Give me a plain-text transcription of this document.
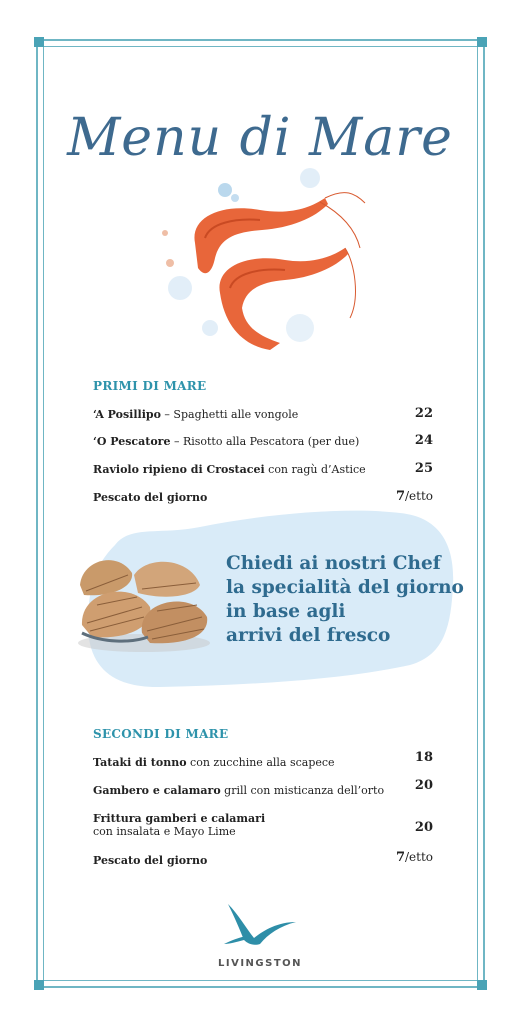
Menu di Mare
PRIMI DI MARE
‘A Posillipo – Spaghetti alle vongole	22
‘O Pescatore – Risotto alla Pescatora (per due)	24
Raviolo ripieno di Crostacei con ragù d’Astice	25
Pescato del giorno	7/etto
Chiedi ai nostri Chef
la specialità del giorno
in base agli
arrivi del fresco
SECONDI DI MARE
Tataki di tonno con zucchine alla scapece	18
Gambero e calamaro grill con misticanza dell’orto 20
Frittura gamberi e calamari
con insalata e Mayo Lime	20
Pescato del giorno	7/etto
LIVINGSTON
